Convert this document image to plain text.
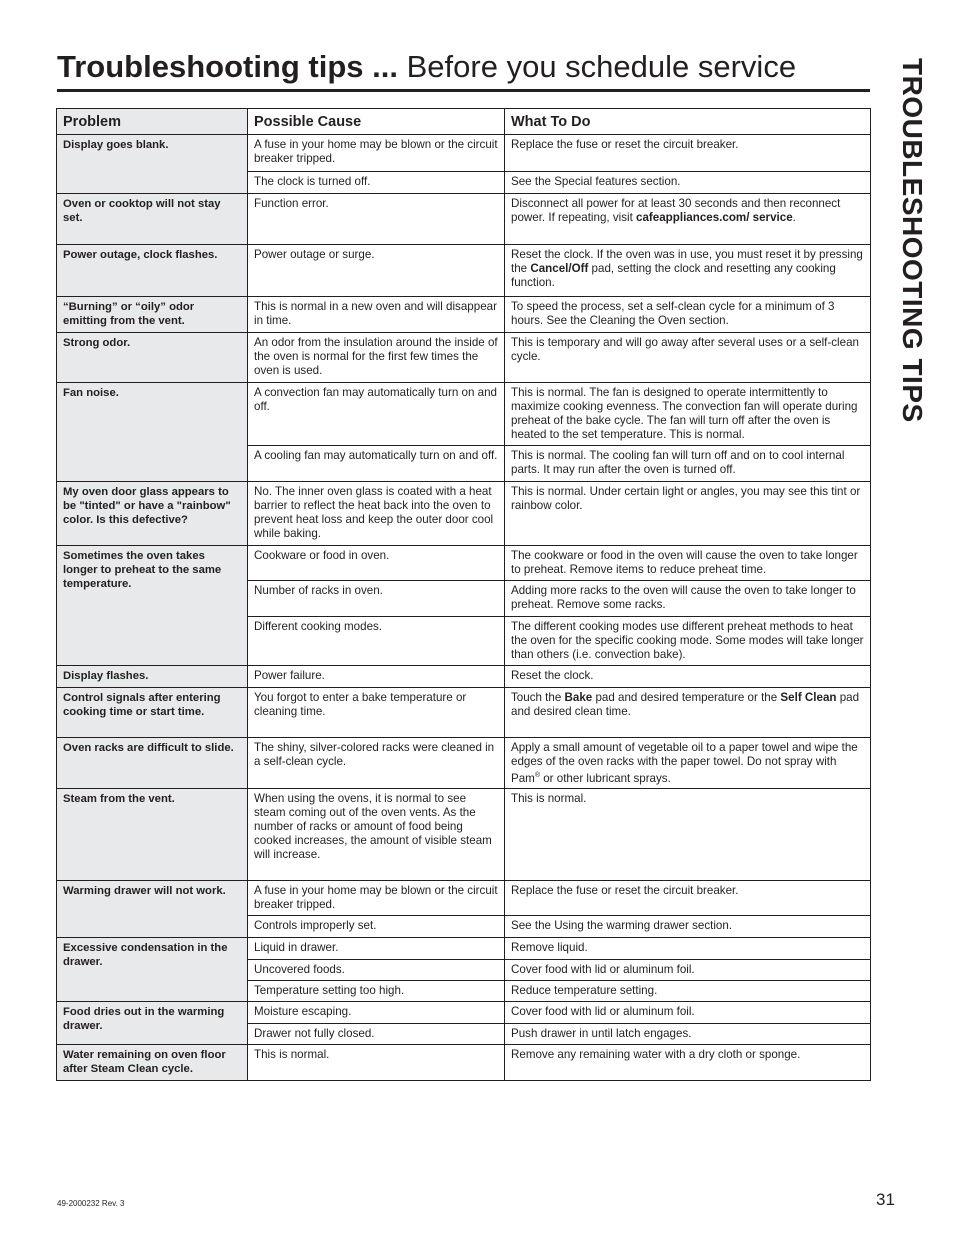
Troubleshooting tips ... Before you schedule service	TROUBLESHOOTING TIPS
Problem	Possible Cause	What To Do
Display goes blank.	A fuse in your home may be blown or the circuit breaker tripped.	Replace the fuse or reset the circuit breaker.
	The clock is turned off.	See the Special features section.
Oven or cooktop will not stay set.	Function error.	Disconnect all power for at least 30 seconds and then reconnect power. If repeating, visit cafeappliances.com/ service.
Power outage, clock flashes.	Power outage or surge.	Reset the clock. If the oven was in use, you must reset it by pressing the Cancel/Off pad, setting the clock and resetting any cooking function.
“Burning” or “oily” odor emitting from the vent.	This is normal in a new oven and will disappear in time.	To speed the process, set a self-clean cycle for a minimum of 3 hours. See the Cleaning the Oven section.
Strong odor.	An odor from the insulation around the inside of the oven is normal for the first few times the oven is used.	This is temporary and will go away after several uses or a self-clean cycle.
Fan noise.	A convection fan may automatically turn on and off.	This is normal. The fan is designed to operate intermittently to maximize cooking evenness. The convection fan will operate during preheat of the bake cycle. The fan will turn off after the oven is heated to the set temperature. This is normal.
	A cooling fan may automatically turn on and off.	This is normal. The cooling fan will turn off and on to cool internal parts. It may run after the oven is turned off.
My oven door glass appears to be "tinted" or have a "rainbow" color. Is this defective?	No. The inner oven glass is coated with a heat barrier to reflect the heat back into the oven to prevent heat loss and keep the outer door cool while baking.	This is normal. Under certain light or angles, you may see this tint or rainbow color.
Sometimes the oven takes longer to preheat to the same temperature.	Cookware or food in oven.	The cookware or food in the oven will cause the oven to take longer to preheat. Remove items to reduce preheat time.
	Number of racks in oven.	Adding more racks to the oven will cause the oven to take longer to preheat. Remove some racks.
	Different cooking modes.	The different cooking modes use different preheat methods to heat the oven for the specific cooking mode. Some modes will take longer than others (i.e. convection bake).
Display flashes.	Power failure.	Reset the clock.
Control signals after entering cooking time or start time.	You forgot to enter a bake temperature or cleaning time.	Touch the Bake pad and desired temperature or the Self Clean pad and desired clean time.
Oven racks are difficult to slide.	The shiny, silver-colored racks were cleaned in a self-clean cycle.	Apply a small amount of vegetable oil to a paper towel and wipe the edges of the oven racks with the paper towel. Do not spray with Pam® or other lubricant sprays.
Steam from the vent.	When using the ovens, it is normal to see steam coming out of the oven vents. As the number of racks or amount of food being cooked increases, the amount of visible steam will increase.	This is normal.
Warming drawer will not work.	A fuse in your home may be blown or the circuit breaker tripped.	Replace the fuse or reset the circuit breaker.
	Controls improperly set.	See the Using the warming drawer section.
Excessive condensation in the drawer.	Liquid in drawer.	Remove liquid.
	Uncovered foods.	Cover food with lid or aluminum foil.
	Temperature setting too high.	Reduce temperature setting.
Food dries out in the warming drawer.	Moisture escaping.	Cover food with lid or aluminum foil.
	Drawer not fully closed.	Push drawer in until latch engages.
Water remaining on oven floor after Steam Clean cycle.	This is normal.	Remove any remaining water with a dry cloth or sponge.
49-2000232 Rev. 3	31
